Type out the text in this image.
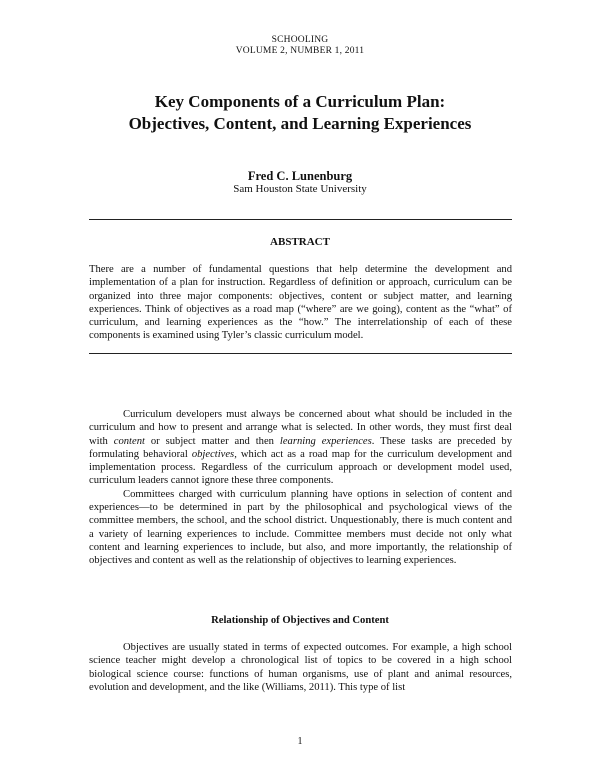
SCHOOLING
VOLUME 2, NUMBER 1, 2011
Key Components of a Curriculum Plan:
Objectives, Content, and Learning Experiences
Fred C. Lunenburg
Sam Houston State University
ABSTRACT
There are a number of fundamental questions that help determine the development and implementation of a plan for instruction. Regardless of definition or approach, curriculum can be organized into three major components: objectives, content or subject matter, and learning experiences. Think of objectives as a road map (“where” are we going), content as the “what” of curriculum, and learning experiences as the “how.” The interrelationship of each of these components is examined using Tyler’s classic curriculum model.

Curriculum developers must always be concerned about what should be included in the curriculum and how to present and arrange what is selected. In other words, they must first deal with content or subject matter and then learning experiences. These tasks are preceded by formulating behavioral objectives, which act as a road map for the curriculum development and implementation process. Regardless of the curriculum approach or development model used, curriculum leaders cannot ignore these three components.

Committees charged with curriculum planning have options in selection of content and experiences—to be determined in part by the philosophical and psychological views of the committee members, the school, and the school district. Unquestionably, there is much content and a variety of learning experiences to include. Committee members must decide not only what content and learning experiences to include, but also, and more importantly, the relationship of objectives and content as well as the relationship of objectives to learning experiences.

Relationship of Objectives and Content

Objectives are usually stated in terms of expected outcomes. For example, a high school science teacher might develop a chronological list of topics to be covered in a high school biological science course: functions of human organisms, use of plant and animal resources, evolution and development, and the like (Williams, 2011). This type of list

1
